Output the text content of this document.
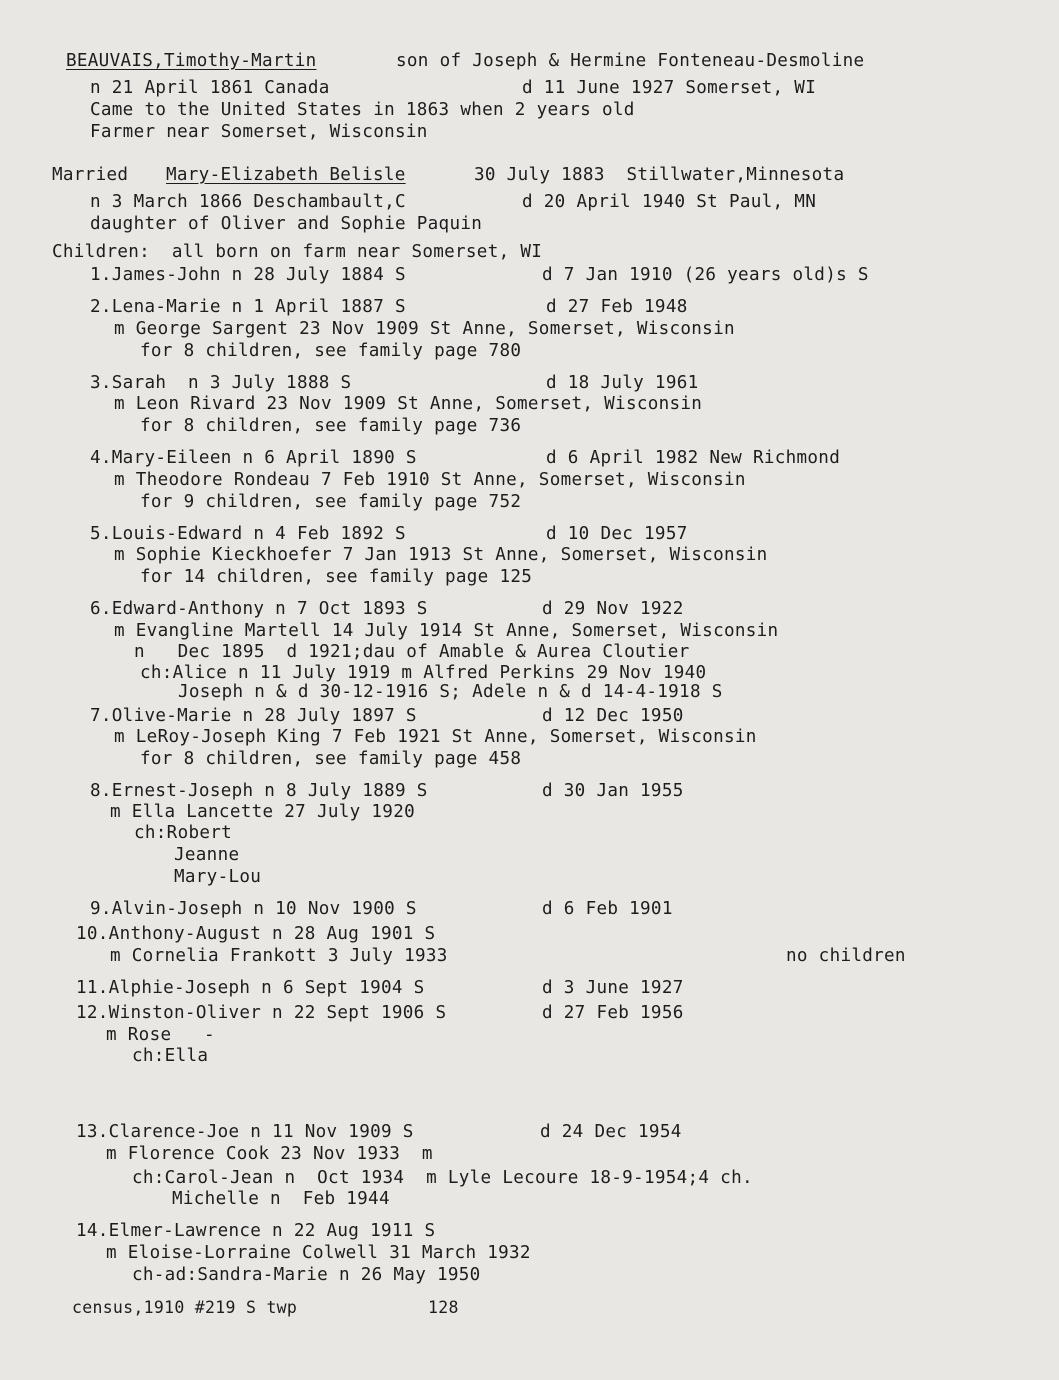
BEAUVAIS,Timothy-Martin	son of Joseph & Hermine Fonteneau-Desmoline
n 21 April 1861 Canada	d 11 June 1927 Somerset, WI
Came to the United States in 1863 when 2 years old
Farmer near Somerset, Wisconsin
Married Mary-Elizabeth Belisle	30 July 1883  Stillwater,Minnesota
n 3 March 1866 Deschambault,C	d 20 April 1940 St Paul, MN
daughter of Oliver and Sophie Paquin
Children:  all born on farm near Somerset, WI
1.James-John n 28 July 1884 S	d 7 Jan 1910 (26 years old)s S
2.Lena-Marie n 1 April 1887 S	d 27 Feb 1948
m George Sargent 23 Nov 1909 St Anne, Somerset, Wisconsin
for 8 children, see family page 780
3.Sarah  n 3 July 1888 S	d 18 July 1961
m Leon Rivard 23 Nov 1909 St Anne, Somerset, Wisconsin
for 8 children, see family page 736
4.Mary-Eileen n 6 April 1890 S	d 6 April 1982 New Richmond
m Theodore Rondeau 7 Feb 1910 St Anne, Somerset, Wisconsin
for 9 children, see family page 752
5.Louis-Edward n 4 Feb 1892 S	d 10 Dec 1957
m Sophie Kieckhoefer 7 Jan 1913 St Anne, Somerset, Wisconsin
for 14 children, see family page 125
6.Edward-Anthony n 7 Oct 1893 S	d 29 Nov 1922
m Evangline Martell 14 July 1914 St Anne, Somerset, Wisconsin
n   Dec 1895  d 1921;dau of Amable & Aurea Cloutier
ch:Alice n 11 July 1919 m Alfred Perkins 29 Nov 1940
Joseph n & d 30-12-1916 S; Adele n & d 14-4-1918 S
7.Olive-Marie n 28 July 1897 S	d 12 Dec 1950
m LeRoy-Joseph King 7 Feb 1921 St Anne, Somerset, Wisconsin
for 8 children, see family page 458
8.Ernest-Joseph n 8 July 1889 S	d 30 Jan 1955
m Ella Lancette 27 July 1920
ch:Robert
Jeanne
Mary-Lou
9.Alvin-Joseph n 10 Nov 1900 S	d 6 Feb 1901
10.Anthony-August n 28 Aug 1901 S
m Cornelia Frankott 3 July 1933	no children
11.Alphie-Joseph n 6 Sept 1904 S	d 3 June 1927
12.Winston-Oliver n 22 Sept 1906 S	d 27 Feb 1956
m Rose   -
ch:Ella
13.Clarence-Joe n 11 Nov 1909 S	d 24 Dec 1954
m Florence Cook 23 Nov 1933  m
ch:Carol-Jean n  Oct 1934  m Lyle Lecoure 18-9-1954;4 ch.
Michelle n  Feb 1944
14.Elmer-Lawrence n 22 Aug 1911 S
m Eloise-Lorraine Colwell 31 March 1932
ch-ad:Sandra-Marie n 26 May 1950
census,1910 #219 S twp	128
